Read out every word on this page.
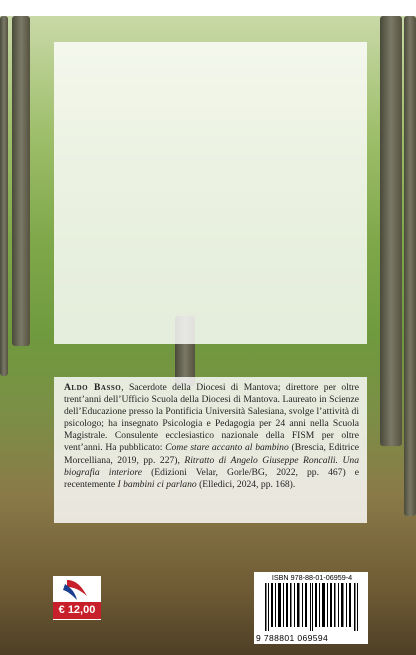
Aldo Basso, Sacerdote della Diocesi di Mantova; direttore per oltre trent’anni dell’Ufficio Scuola della Diocesi di Mantova. Laureato in Scienze dell’Educazione presso la Pontificia Università Salesiana, svolge l’attività di psicologo; ha insegnato Psicologia e Pedagogia per 24 anni nella Scuola Magistrale. Consulente ecclesiastico nazionale della FISM per oltre vent’anni. Ha pubblicato: Come stare accanto al bambino (Brescia, Editrice Morcelliana, 2019, pp. 227), Ritratto di Angelo Giuseppe Roncalli. Una biografia interiore (Edizioni Velar, Gorle/BG, 2022, pp. 467) e recentemente I bambini ci parlano (Elledici, 2024, pp. 168).

€ 12,00
ISBN 978-88-01-06959-4
9 788801 069594
